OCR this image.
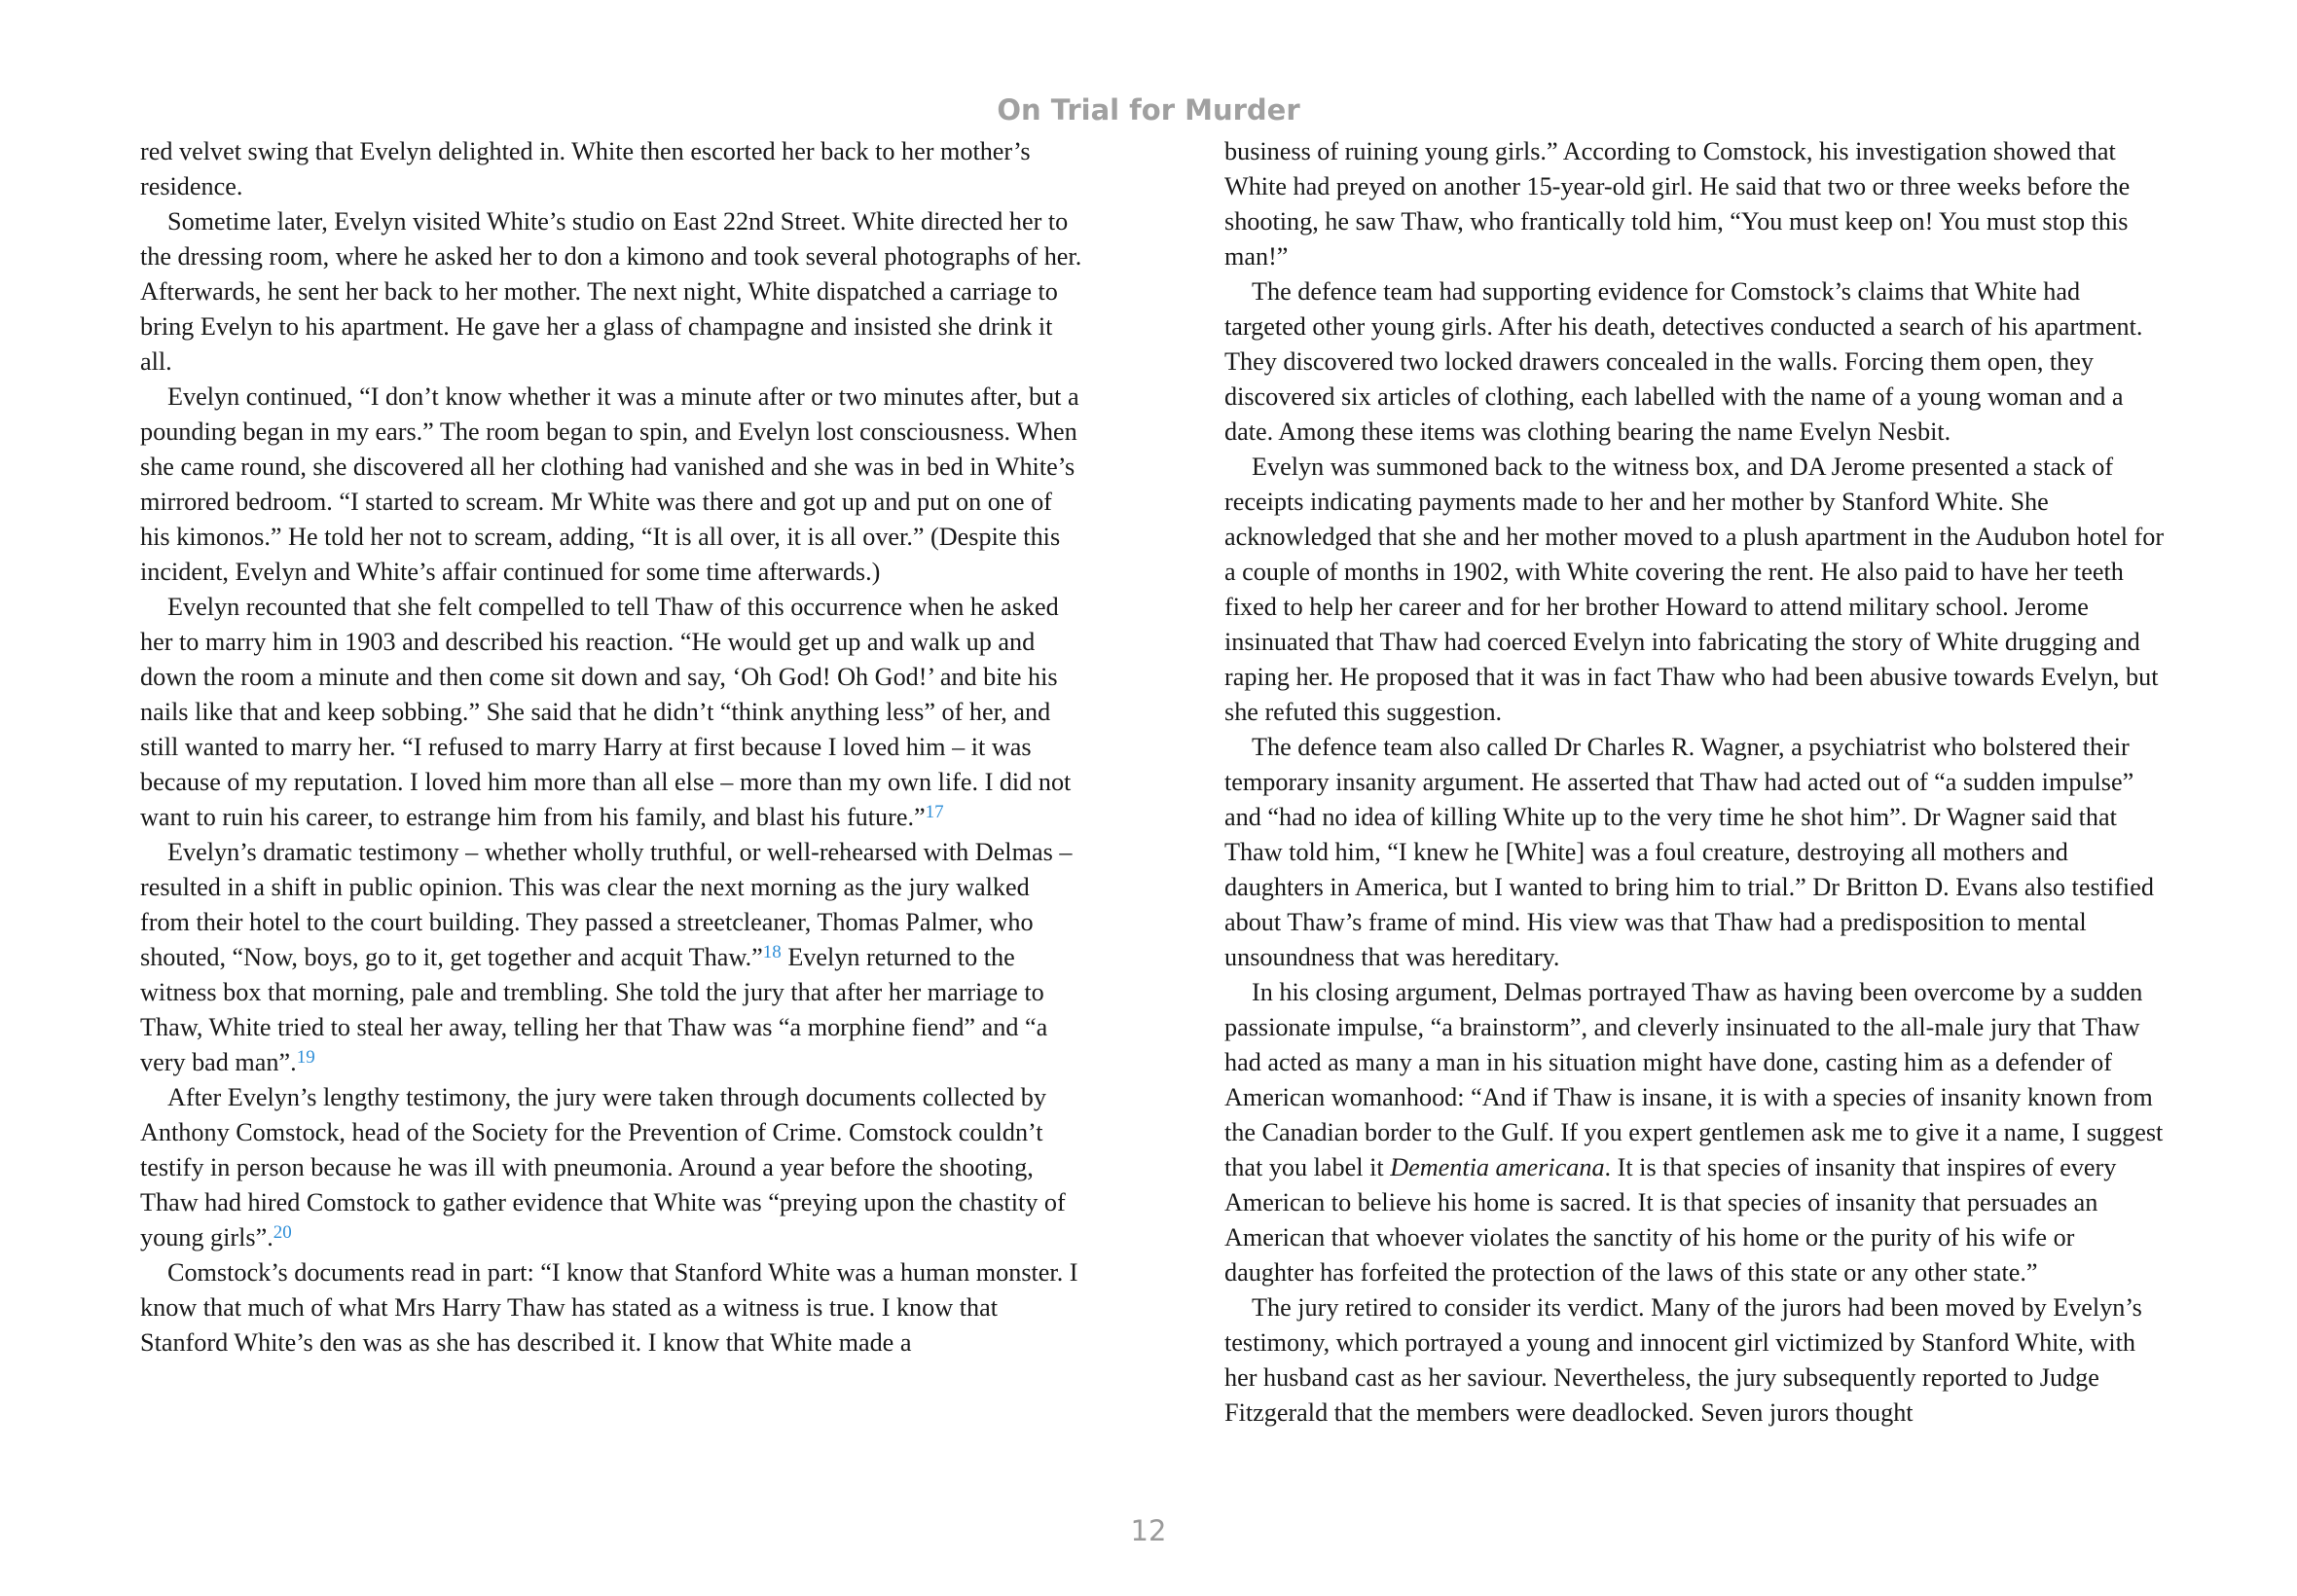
On Trial for Murder

red velvet swing that Evelyn delighted in. White then escorted her back to her mother’s residence.

Sometime later, Evelyn visited White’s studio on East 22nd Street. White directed her to the dressing room, where he asked her to don a kimono and took several photographs of her. Afterwards, he sent her back to her mother. The next night, White dispatched a carriage to bring Evelyn to his apartment. He gave her a glass of champagne and insisted she drink it all.

Evelyn continued, “I don’t know whether it was a minute after or two minutes after, but a pounding began in my ears.” The room began to spin, and Evelyn lost consciousness. When she came round, she discovered all her clothing had vanished and she was in bed in White’s mirrored bedroom. “I started to scream. Mr White was there and got up and put on one of his kimonos.” He told her not to scream, adding, “It is all over, it is all over.” (Despite this incident, Evelyn and White’s affair continued for some time afterwards.)

Evelyn recounted that she felt compelled to tell Thaw of this occurrence when he asked her to marry him in 1903 and described his reaction. “He would get up and walk up and down the room a minute and then come sit down and say, ‘Oh God! Oh God!’ and bite his nails like that and keep sobbing.” She said that he didn’t “think anything less” of her, and still wanted to marry her. “I refused to marry Harry at first because I loved him – it was because of my reputation. I loved him more than all else – more than my own life. I did not want to ruin his career, to estrange him from his family, and blast his future.”$^{17}$

Evelyn’s dramatic testimony – whether wholly truthful, or well-rehearsed with Delmas – resulted in a shift in public opinion. This was clear the next morning as the jury walked from their hotel to the court building. They passed a streetcleaner, Thomas Palmer, who shouted, “Now, boys, go to it, get together and acquit Thaw.”$^{18}$ Evelyn returned to the witness box that morning, pale and trembling. She told the jury that after her marriage to Thaw, White tried to steal her away, telling her that Thaw was “a morphine fiend” and “a very bad man”.$^{19}$

After Evelyn’s lengthy testimony, the jury were taken through documents collected by Anthony Comstock, head of the Society for the Prevention of Crime. Comstock couldn’t testify in person because he was ill with pneumonia. Around a year before the shooting, Thaw had hired Comstock to gather evidence that White was “preying upon the chastity of young girls”.$^{20}$

Comstock’s documents read in part: “I know that Stanford White was a human monster. I know that much of what Mrs Harry Thaw has stated as a witness is true. I know that Stanford White’s den was as she has described it. I know that White made a

business of ruining young girls.” According to Comstock, his investigation showed that White had preyed on another 15-year-old girl. He said that two or three weeks before the shooting, he saw Thaw, who frantically told him, “You must keep on! You must stop this man!”

The defence team had supporting evidence for Comstock’s claims that White had targeted other young girls. After his death, detectives conducted a search of his apartment. They discovered two locked drawers concealed in the walls. Forcing them open, they discovered six articles of clothing, each labelled with the name of a young woman and a date. Among these items was clothing bearing the name Evelyn Nesbit.

Evelyn was summoned back to the witness box, and DA Jerome presented a stack of receipts indicating payments made to her and her mother by Stanford White. She acknowledged that she and her mother moved to a plush apartment in the Audubon hotel for a couple of months in 1902, with White covering the rent. He also paid to have her teeth fixed to help her career and for her brother Howard to attend military school. Jerome insinuated that Thaw had coerced Evelyn into fabricating the story of White drugging and raping her. He proposed that it was in fact Thaw who had been abusive towards Evelyn, but she refuted this suggestion.

The defence team also called Dr Charles R. Wagner, a psychiatrist who bolstered their temporary insanity argument. He asserted that Thaw had acted out of “a sudden impulse” and “had no idea of killing White up to the very time he shot him”. Dr Wagner said that Thaw told him, “I knew he [White] was a foul creature, destroying all mothers and daughters in America, but I wanted to bring him to trial.” Dr Britton D. Evans also testified about Thaw’s frame of mind. His view was that Thaw had a predisposition to mental unsoundness that was hereditary.

In his closing argument, Delmas portrayed Thaw as having been overcome by a sudden passionate impulse, “a brainstorm”, and cleverly insinuated to the all-male jury that Thaw had acted as many a man in his situation might have done, casting him as a defender of American womanhood: “And if Thaw is insane, it is with a species of insanity known from the Canadian border to the Gulf. If you expert gentlemen ask me to give it a name, I suggest that you label it Dementia americana. It is that species of insanity that inspires of every American to believe his home is sacred. It is that species of insanity that persuades an American that whoever violates the sanctity of his home or the purity of his wife or daughter has forfeited the protection of the laws of this state or any other state.”

The jury retired to consider its verdict. Many of the jurors had been moved by Evelyn’s testimony, which portrayed a young and innocent girl victimized by Stanford White, with her husband cast as her saviour. Nevertheless, the jury subsequently reported to Judge Fitzgerald that the members were deadlocked. Seven jurors thought

12
